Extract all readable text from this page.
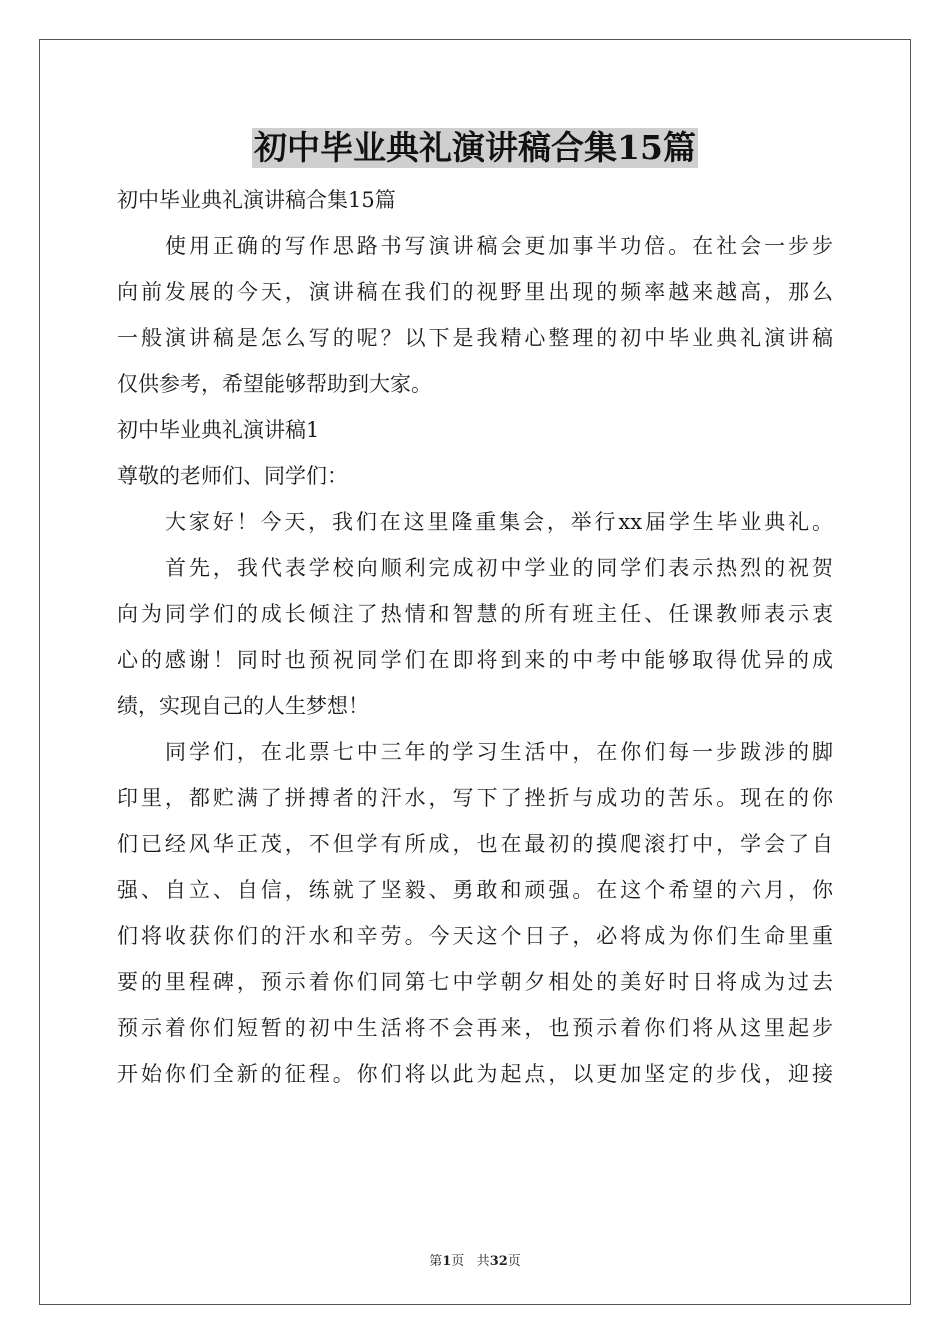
初中毕业典礼演讲稿合集15篇
初中毕业典礼演讲稿合集15篇
使用正确的写作思路书写演讲稿会更加事半功倍。在社会一步步
向前发展的今天，演讲稿在我们的视野里出现的频率越来越高，那么
一般演讲稿是怎么写的呢？以下是我精心整理的初中毕业典礼演讲稿
仅供参考，希望能够帮助到大家。
初中毕业典礼演讲稿1
尊敬的老师们、同学们：
大家好！今天，我们在这里隆重集会，举行xx届学生毕业典礼。
首先，我代表学校向顺利完成初中学业的同学们表示热烈的祝贺
向为同学们的成长倾注了热情和智慧的所有班主任、任课教师表示衷
心的感谢！同时也预祝同学们在即将到来的中考中能够取得优异的成
绩，实现自己的人生梦想！
同学们，在北票七中三年的学习生活中，在你们每一步跋涉的脚
印里，都贮满了拼搏者的汗水，写下了挫折与成功的苦乐。现在的你
们已经风华正茂，不但学有所成，也在最初的摸爬滚打中，学会了自
强、自立、自信，练就了坚毅、勇敢和顽强。在这个希望的六月，你
们将收获你们的汗水和辛劳。今天这个日子，必将成为你们生命里重
要的里程碑，预示着你们同第七中学朝夕相处的美好时日将成为过去
预示着你们短暂的初中生活将不会再来，也预示着你们将从这里起步
开始你们全新的征程。你们将以此为起点，以更加坚定的步伐，迎接
第1页 共32页
